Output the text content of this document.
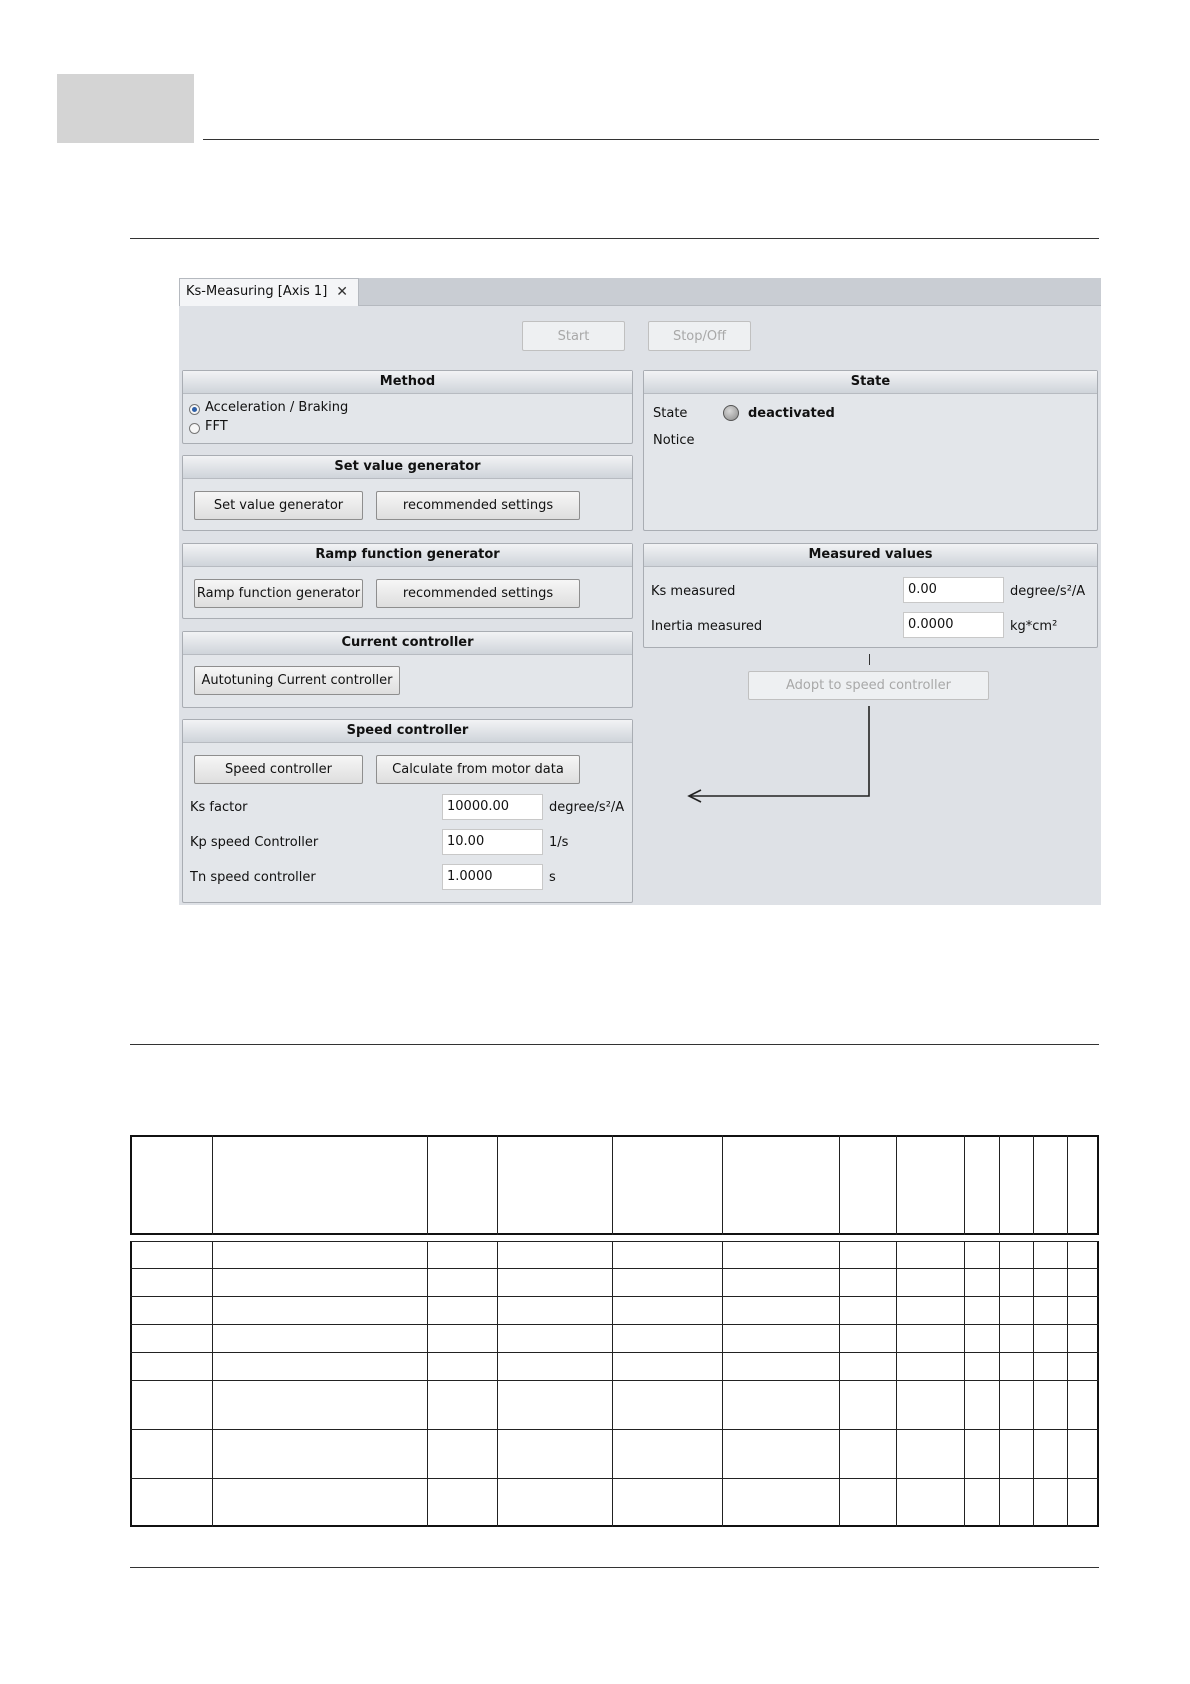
Ks-Measuring [Axis 1] ✕
Start	Stop/Off
Method
Acceleration / Braking
FFT
Set value generator
Set value generator	recommended settings
Ramp function generator
Ramp function generator	recommended settings
Current controller
Autotuning Current controller
Speed controller
Speed controller	Calculate from motor data
Ks factor	10000.00	degree/s²/A
Kp speed Controller	10.00	1/s
Tn speed controller	1.0000	s
State
State	deactivated
Notice
Measured values
Ks measured	0.00	degree/s²/A
Inertia measured	0.0000	kg*cm²
Adopt to speed controller
